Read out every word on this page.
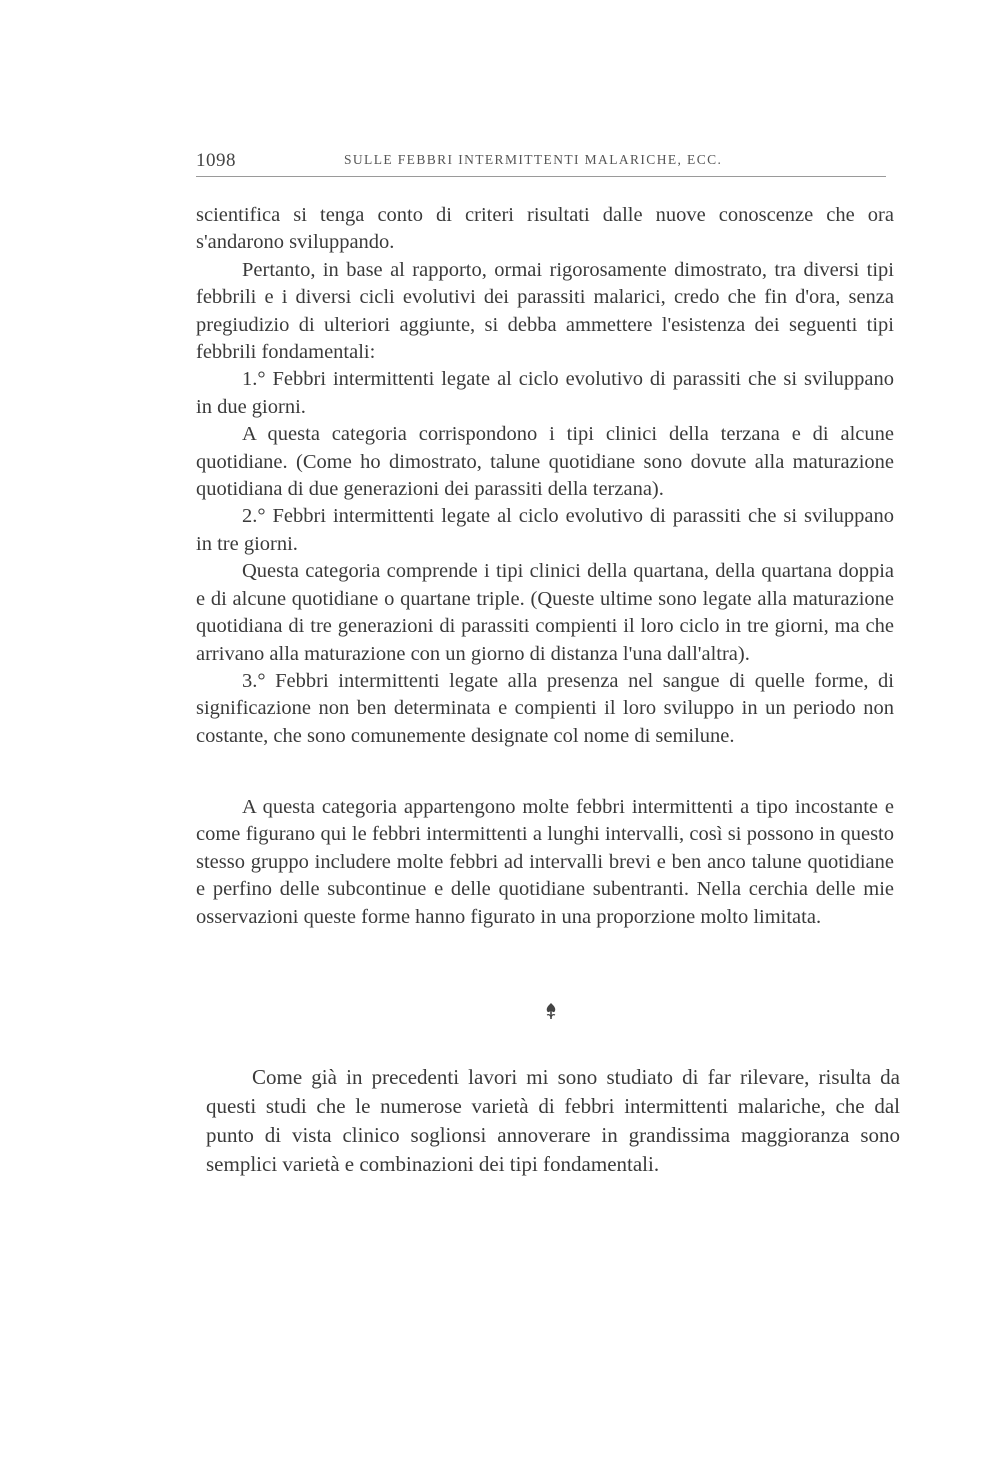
1098	SULLE FEBBRI INTERMITTENTI MALARICHE, ECC.

scientifica si tenga conto di criteri risultati dalle nuove conoscenze che ora s'andarono sviluppando.

Pertanto, in base al rapporto, ormai rigorosamente dimostrato, tra diversi tipi febbrili e i diversi cicli evolutivi dei parassiti malarici, credo che fin d'ora, senza pregiudizio di ulteriori aggiunte, si debba ammettere l'esistenza dei seguenti tipi febbrili fondamentali:

1.° Febbri intermittenti legate al ciclo evolutivo di parassiti che si sviluppano in due giorni.

A questa categoria corrispondono i tipi clinici della terzana e di alcune quotidiane. (Come ho dimostrato, talune quotidiane sono dovute alla maturazione quotidiana di due generazioni dei parassiti della terzana).

2.° Febbri intermittenti legate al ciclo evolutivo di parassiti che si sviluppano in tre giorni.

Questa categoria comprende i tipi clinici della quartana, della quartana doppia e di alcune quotidiane o quartane triple. (Queste ultime sono legate alla maturazione quotidiana di tre generazioni di parassiti compienti il loro ciclo in tre giorni, ma che arrivano alla maturazione con un giorno di distanza l'una dall'altra).

3.° Febbri intermittenti legate alla presenza nel sangue di quelle forme, di significazione non ben determinata e compienti il loro sviluppo in un periodo non costante, che sono comunemente designate col nome di semilune.

A questa categoria appartengono molte febbri intermittenti a tipo incostante e come figurano qui le febbri intermittenti a lunghi intervalli, così si possono in questo stesso gruppo includere molte febbri ad intervalli brevi e ben anco talune quotidiane e perfino delle subcontinue e delle quotidiane subentranti. Nella cerchia delle mie osservazioni queste forme hanno figurato in una proporzione molto limitata.

Come già in precedenti lavori mi sono studiato di far rilevare, risulta da questi studi che le numerose varietà di febbri intermittenti malariche, che dal punto di vista clinico soglionsi annoverare in grandissima maggioranza sono semplici varietà e combinazioni dei tipi fondamentali.
